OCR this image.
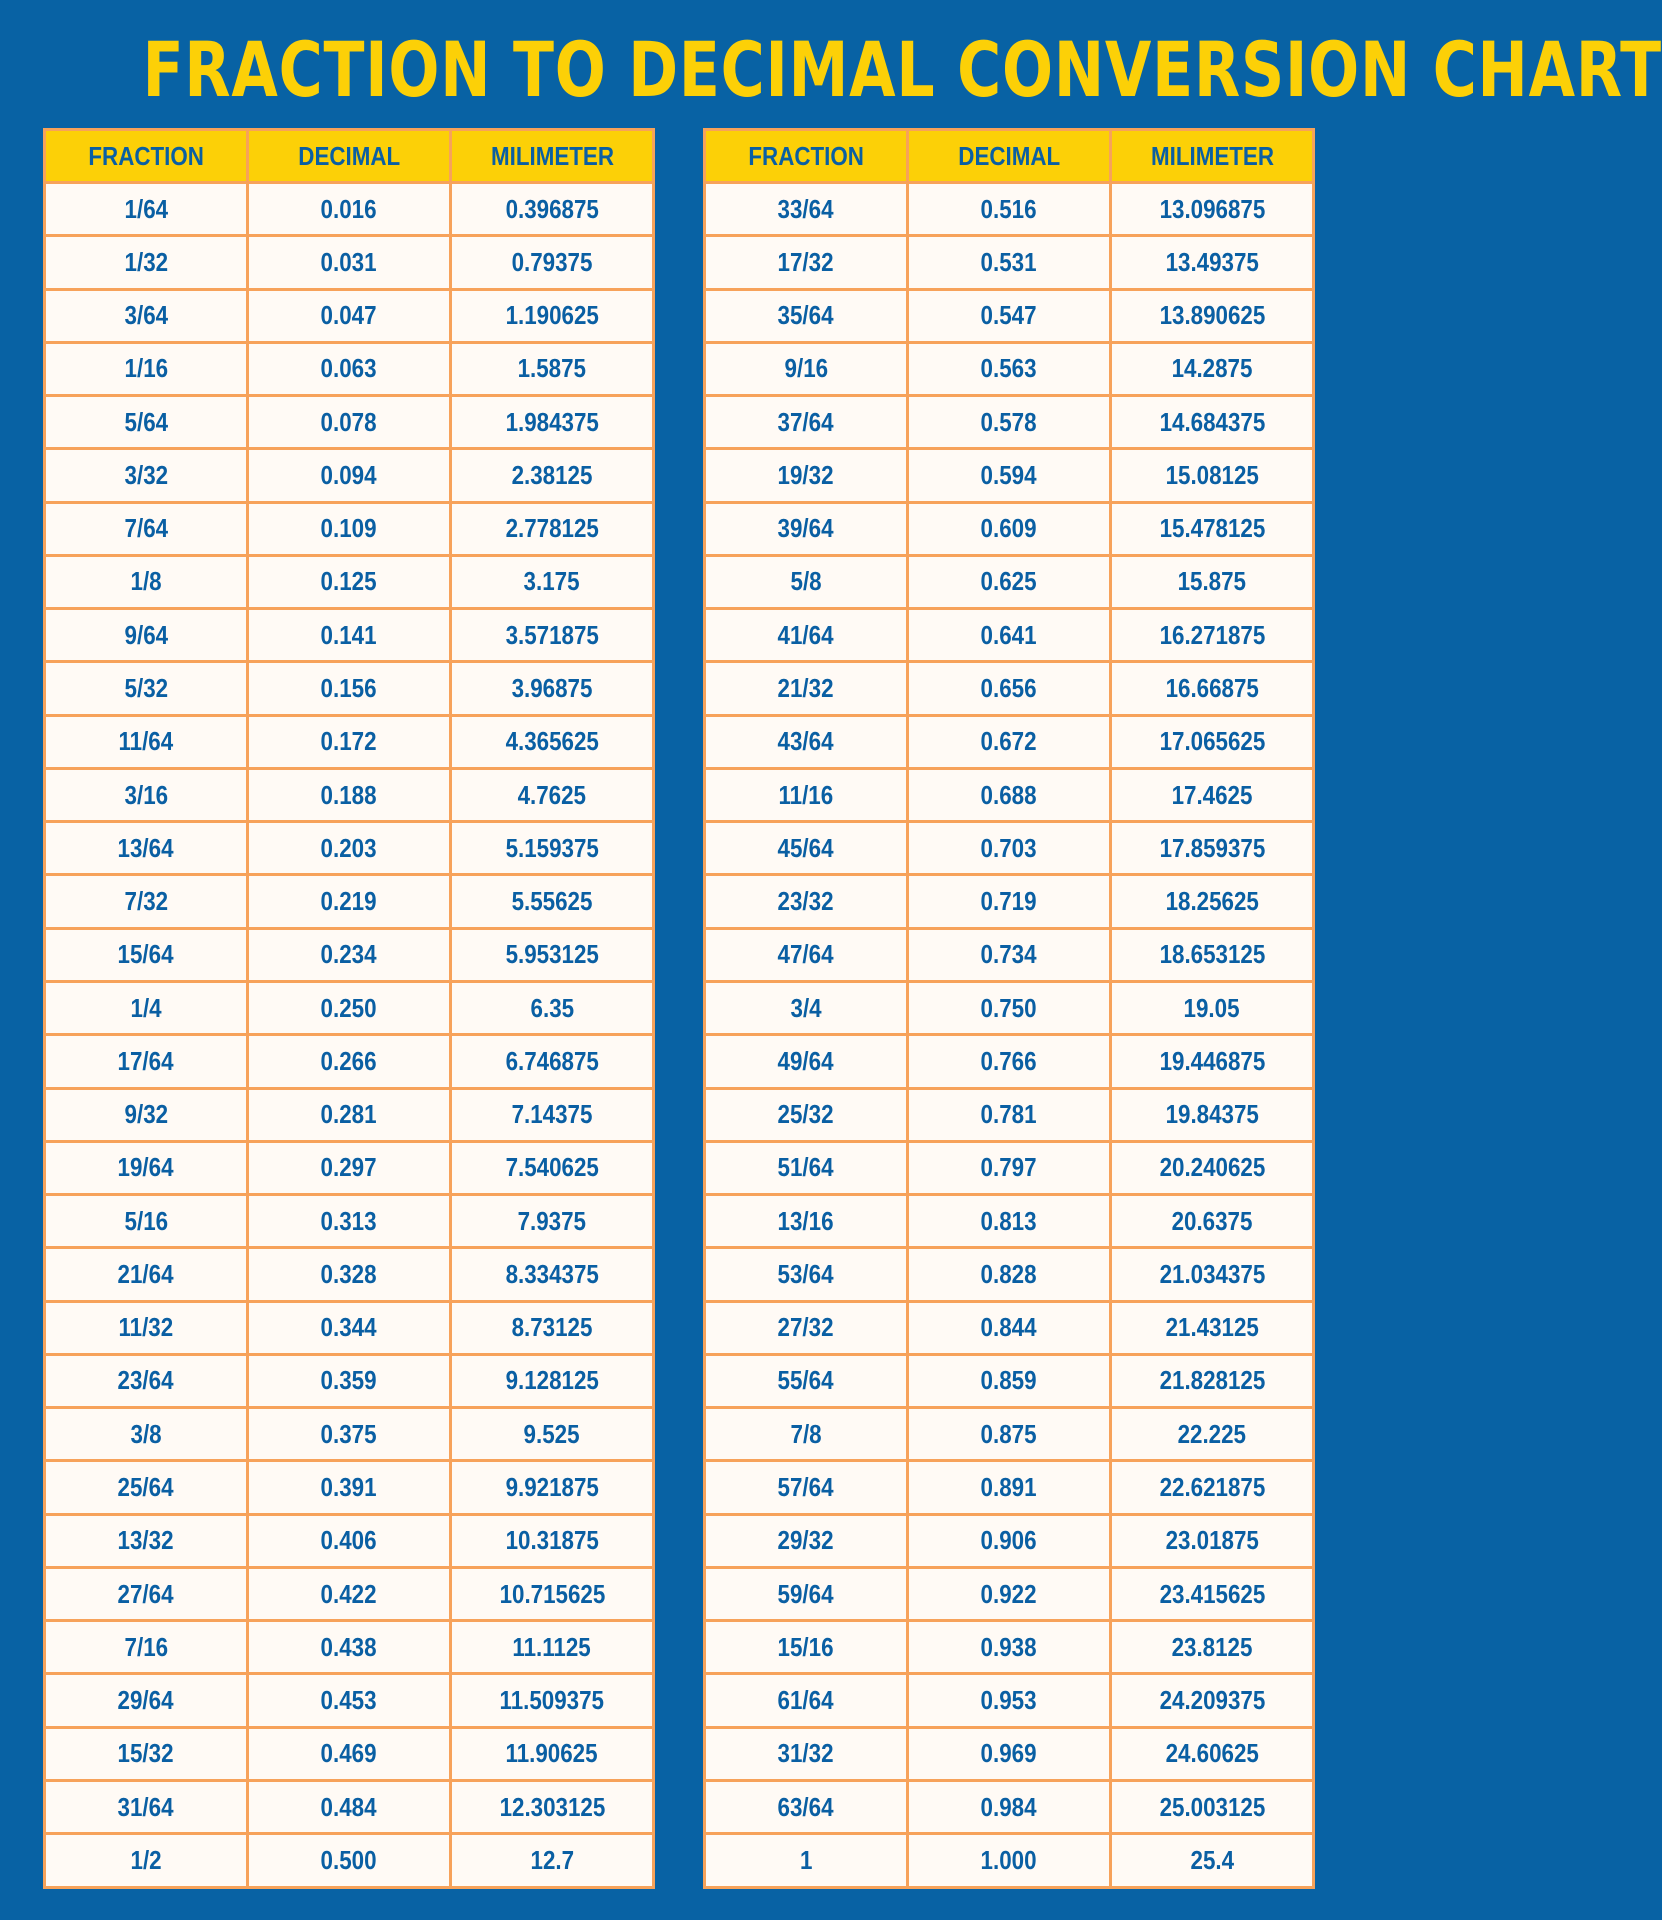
FRACTION TO DECIMAL CONVERSION CHART
FRACTION	DECIMAL	MILIMETER
1/64	0.016	0.396875
1/32	0.031	0.79375
3/64	0.047	1.190625
1/16	0.063	1.5875
5/64	0.078	1.984375
3/32	0.094	2.38125
7/64	0.109	2.778125
1/8	0.125	3.175
9/64	0.141	3.571875
5/32	0.156	3.96875
11/64	0.172	4.365625
3/16	0.188	4.7625
13/64	0.203	5.159375
7/32	0.219	5.55625
15/64	0.234	5.953125
1/4	0.250	6.35
17/64	0.266	6.746875
9/32	0.281	7.14375
19/64	0.297	7.540625
5/16	0.313	7.9375
21/64	0.328	8.334375
11/32	0.344	8.73125
23/64	0.359	9.128125
3/8	0.375	9.525
25/64	0.391	9.921875
13/32	0.406	10.31875
27/64	0.422	10.715625
7/16	0.438	11.1125
29/64	0.453	11.509375
15/32	0.469	11.90625
31/64	0.484	12.303125
1/2	0.500	12.7
FRACTION	DECIMAL	MILIMETER
33/64	0.516	13.096875
17/32	0.531	13.49375
35/64	0.547	13.890625
9/16	0.563	14.2875
37/64	0.578	14.684375
19/32	0.594	15.08125
39/64	0.609	15.478125
5/8	0.625	15.875
41/64	0.641	16.271875
21/32	0.656	16.66875
43/64	0.672	17.065625
11/16	0.688	17.4625
45/64	0.703	17.859375
23/32	0.719	18.25625
47/64	0.734	18.653125
3/4	0.750	19.05
49/64	0.766	19.446875
25/32	0.781	19.84375
51/64	0.797	20.240625
13/16	0.813	20.6375
53/64	0.828	21.034375
27/32	0.844	21.43125
55/64	0.859	21.828125
7/8	0.875	22.225
57/64	0.891	22.621875
29/32	0.906	23.01875
59/64	0.922	23.415625
15/16	0.938	23.8125
61/64	0.953	24.209375
31/32	0.969	24.60625
63/64	0.984	25.003125
1	1.000	25.4
